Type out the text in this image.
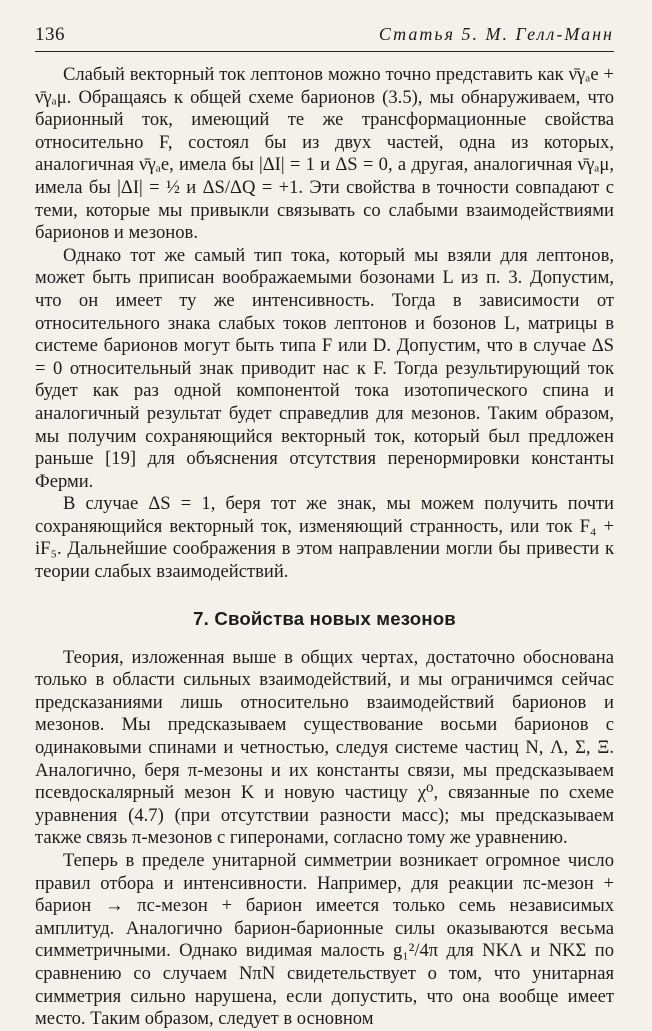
136	Статья 5. М. Гелл-Манн

Слабый векторный ток лептонов можно точно представить как ν̄γₐe + ν̄γₐμ. Обращаясь к общей схеме барионов (3.5), мы обнаруживаем, что барионный ток, имеющий те же трансформационные свойства относительно F, состоял бы из двух частей, одна из которых, аналогичная ν̄γₐe, имела бы |ΔI| = 1 и ΔS = 0, а другая, аналогичная ν̄γₐμ, имела бы |ΔI| = ½ и ΔS/ΔQ = +1. Эти свойства в точности совпадают с теми, которые мы привыкли связывать со слабыми взаимодействиями барионов и мезонов.

Однако тот же самый тип тока, который мы взяли для лептонов, может быть приписан воображаемыми бозонами L из п. 3. Допустим, что он имеет ту же интенсивность. Тогда в зависимости от относительного знака слабых токов лептонов и бозонов L, матрицы в системе барионов могут быть типа F или D. Допустим, что в случае ΔS = 0 относительный знак приводит нас к F. Тогда результирующий ток будет как раз одной компонентой тока изотопического спина и аналогичный результат будет справедлив для мезонов. Таким образом, мы получим сохраняющийся векторный ток, который был предложен раньше [19] для объяснения отсутствия перенормировки константы Ферми.

В случае ΔS = 1, беря тот же знак, мы можем получить почти сохраняющийся векторный ток, изменяющий странность, или ток F₄ + iF₅. Дальнейшие соображения в этом направлении могли бы привести к теории слабых взаимодействий.

7. Свойства новых мезонов

Теория, изложенная выше в общих чертах, достаточно обоснована только в области сильных взаимодействий, и мы ограничимся сейчас предсказаниями лишь относительно взаимодействий барионов и мезонов. Мы предсказываем существование восьми барионов с одинаковыми спинами и четностью, следуя системе частиц N, Λ, Σ, Ξ. Аналогично, беря π-мезоны и их константы связи, мы предсказываем псевдоскалярный мезон K и новую частицу χ⁰, связанные по схеме уравнения (4.7) (при отсутствии разности масс); мы предсказываем также связь π-мезонов с гиперонами, согласно тому же уравнению.

Теперь в пределе унитарной симметрии возникает огромное число правил отбора и интенсивности. Например, для реакции πc-мезон + барион → πc-мезон + барион имеется только семь независимых амплитуд. Аналогично барион-барионные силы оказываются весьма симметричными. Однако видимая малость g₁²/4π для NKΛ и NKΣ по сравнению со случаем NπN свидетельствует о том, что унитарная симметрия сильно нарушена, если допустить, что она вообще имеет место. Таким образом, следует в основном
